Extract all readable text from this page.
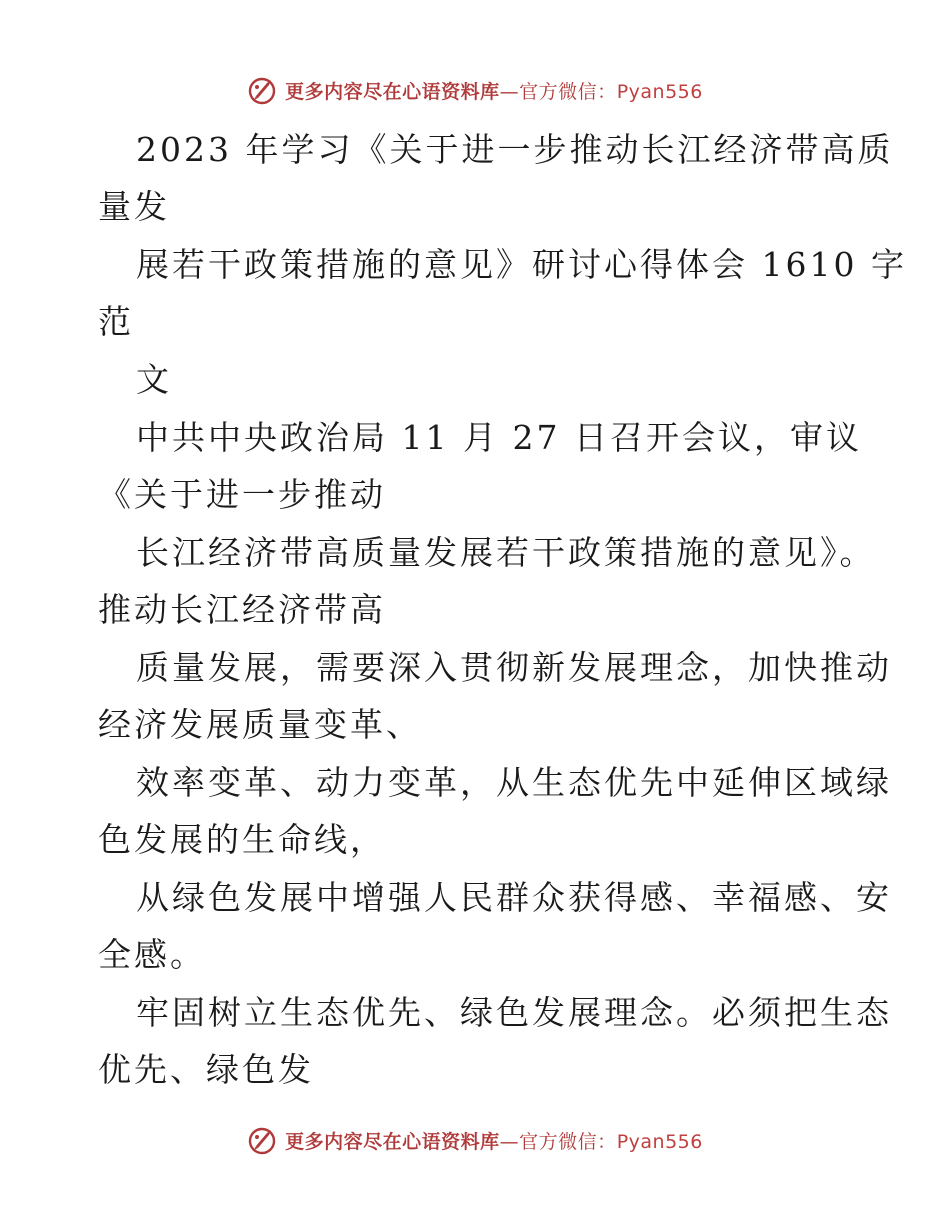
更多内容尽在心语资料库—官方微信：Pyan556
2023 年学习《关于进一步推动长江经济带高质
量发
展若干政策措施的意见》研讨心得体会 1610 字
范
文
中共中央政治局 11 月 27 日召开会议，审议
《关于进一步推动
长江经济带高质量发展若干政策措施的意见》。
推动长江经济带高
质量发展，需要深入贯彻新发展理念，加快推动
经济发展质量变革、
效率变革、动力变革，从生态优先中延伸区域绿
色发展的生命线，
从绿色发展中增强人民群众获得感、幸福感、安
全感。
牢固树立生态优先、绿色发展理念。必须把生态
优先、绿色发
更多内容尽在心语资料库—官方微信：Pyan556
